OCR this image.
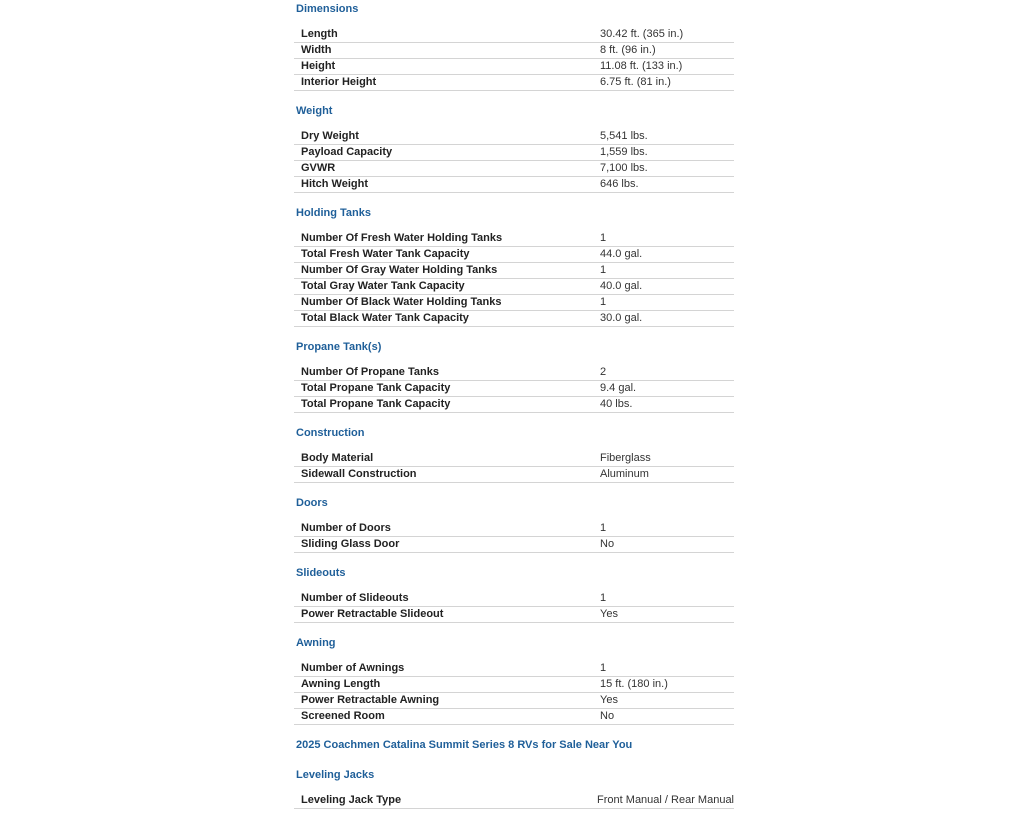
Dimensions
Length	30.42 ft. (365 in.)
Width	8 ft. (96 in.)
Height	11.08 ft. (133 in.)
Interior Height	6.75 ft. (81 in.)
Weight
Dry Weight	5,541 lbs.
Payload Capacity	1,559 lbs.
GVWR	7,100 lbs.
Hitch Weight	646 lbs.
Holding Tanks
Number Of Fresh Water Holding Tanks	1
Total Fresh Water Tank Capacity	44.0 gal.
Number Of Gray Water Holding Tanks	1
Total Gray Water Tank Capacity	40.0 gal.
Number Of Black Water Holding Tanks	1
Total Black Water Tank Capacity	30.0 gal.
Propane Tank(s)
Number Of Propane Tanks	2
Total Propane Tank Capacity	9.4 gal.
Total Propane Tank Capacity	40 lbs.
Construction
Body Material	Fiberglass
Sidewall Construction	Aluminum
Doors
Number of Doors	1
Sliding Glass Door	No
Slideouts
Number of Slideouts	1
Power Retractable Slideout	Yes
Awning
Number of Awnings	1
Awning Length	15 ft. (180 in.)
Power Retractable Awning	Yes
Screened Room	No
2025 Coachmen Catalina Summit Series 8 RVs for Sale Near You
Leveling Jacks
Leveling Jack Type	Front Manual / Rear Manual
